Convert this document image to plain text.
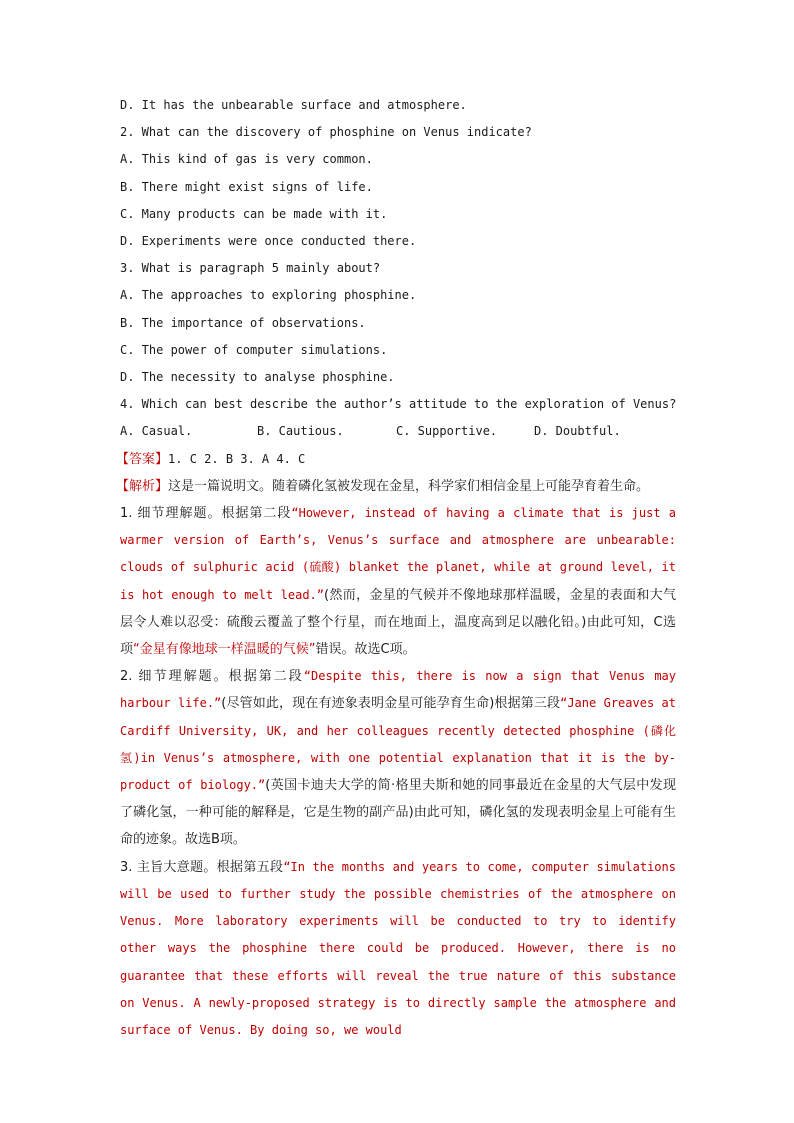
D. It has the unbearable surface and atmosphere.

2. What can the discovery of phosphine on Venus indicate?

A. This kind of gas is very common.

B. There might exist signs of life.

C. Many products can be made with it.

D. Experiments were once conducted there.

3. What is paragraph 5 mainly about?

A. The approaches to exploring phosphine.

B. The importance of observations.

C. The power of computer simulations.

D. The necessity to analyse phosphine.

4. Which can best describe the author’s attitude to the exploration of Venus?

A. Casual.	B. Cautious.	C. Supportive.	D. Doubtful.

【答案】1. C 2. B 3. A 4. C

【解析】这是一篇说明文。随着磷化氢被发现在金星，科学家们相信金星上可能孕育着生命。

1. 细节理解题。根据第二段“However, instead of having a climate that is just a warmer version of Earth’s, Venus’s surface and atmosphere are unbearable: clouds of sulphuric acid (硫酸) blanket the planet, while at ground level, it is hot enough to melt lead.”(然而，金星的气候并不像地球那样温暖，金星的表面和大气层令人难以忍受：硫酸云覆盖了整个行星，而在地面上，温度高到足以融化铅。)由此可知，C选项“金星有像地球一样温暖的气候”错误。故选C项。

2. 细节理解题。根据第二段“Despite this, there is now a sign that Venus may harbour life.”(尽管如此，现在有迹象表明金星可能孕育生命)根据第三段“Jane Greaves at Cardiff University, UK, and her colleagues recently detected phosphine (磷化氢)in Venus’s atmosphere, with one potential explanation that it is the by-product of biology.”(英国卡迪夫大学的简·格里夫斯和她的同事最近在金星的大气层中发现了磷化氢，一种可能的解释是，它是生物的副产品)由此可知，磷化氢的发现表明金星上可能有生命的迹象。故选B项。

3. 主旨大意题。根据第五段“In the months and years to come, computer simulations will be used to further study the possible chemistries of the atmosphere on Venus. More laboratory experiments will be conducted to try to identify other ways the phosphine there could be produced. However, there is no guarantee that these efforts will reveal the true nature of this substance on Venus. A newly-proposed strategy is to directly sample the atmosphere and surface of Venus. By doing so, we would
